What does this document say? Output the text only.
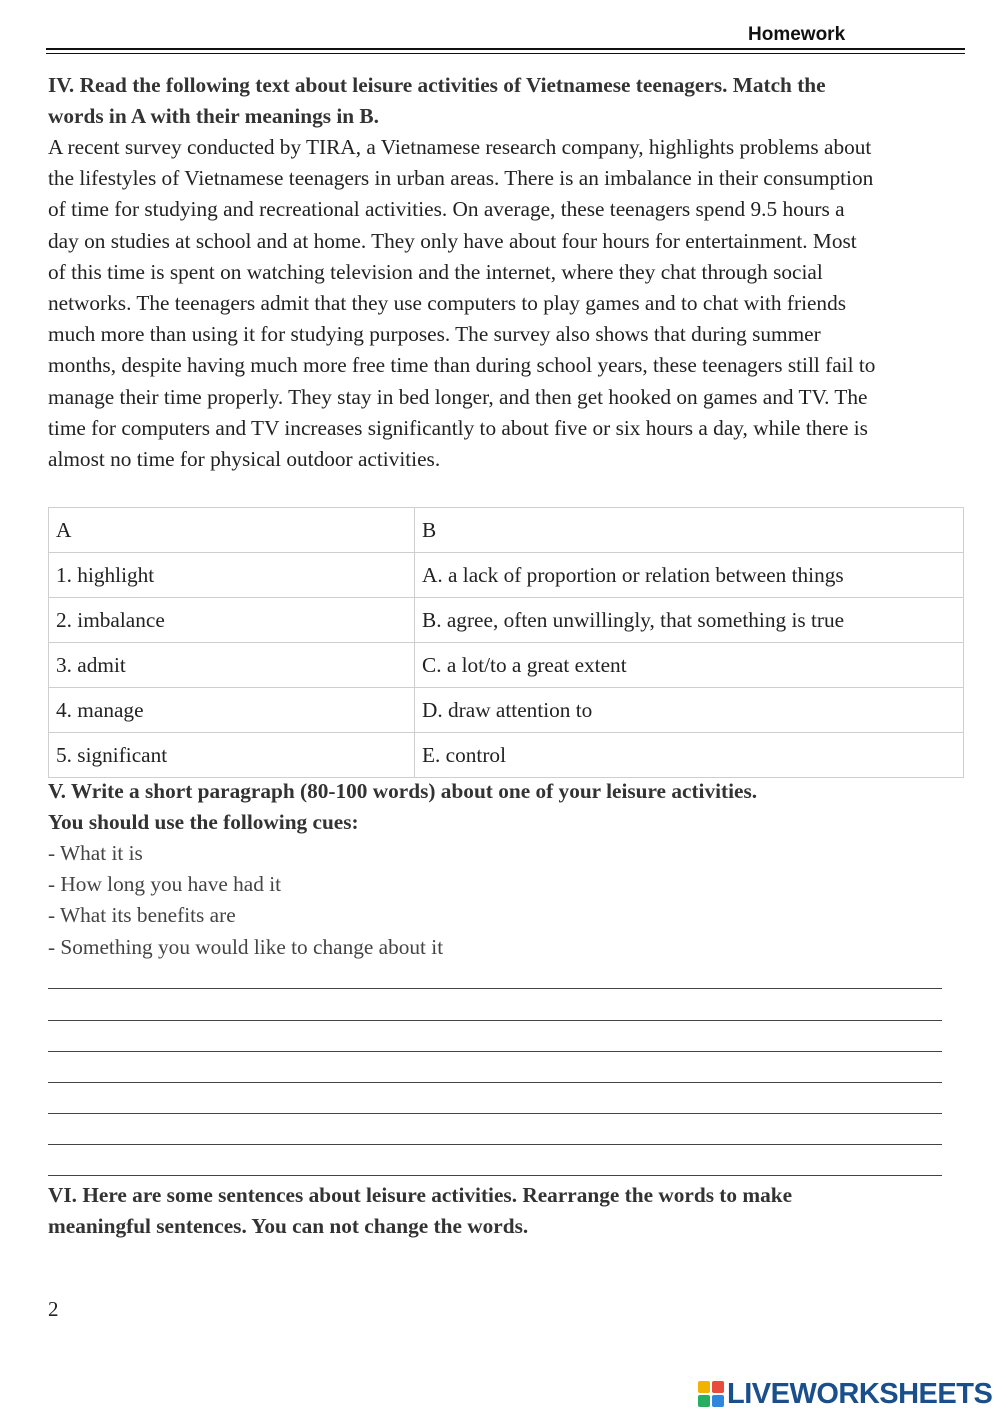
Homework
IV. Read the following text about leisure activities of Vietnamese teenagers. Match the
words in A with their meanings in B.
A recent survey conducted by TIRA, a Vietnamese research company, highlights problems about
the lifestyles of Vietnamese teenagers in urban areas. There is an imbalance in their consumption
of time for studying and recreational activities. On average, these teenagers spend 9.5 hours a
day on studies at school and at home. They only have about four hours for entertainment. Most
of this time is spent on watching television and the internet, where they chat through social
networks. The teenagers admit that they use computers to play games and to chat with friends
much more than using it for studying purposes. The survey also shows that during summer
months, despite having much more free time than during school years, these teenagers still fail to
manage their time properly. They stay in bed longer, and then get hooked on games and TV. The
time for computers and TV increases significantly to about five or six hours a day, while there is
almost no time for physical outdoor activities.
A	B
1. highlight	A. a lack of proportion or relation between things
2. imbalance	B. agree, often unwillingly, that something is true
3. admit	C. a lot/to a great extent
4. manage	D. draw attention to
5. significant	E. control
V. Write a short paragraph (80-100 words) about one of your leisure activities.
You should use the following cues:
- What it is
- How long you have had it
- What its benefits are
- Something you would like to change about it
VI. Here are some sentences about leisure activities. Rearrange the words to make
meaningful sentences. You can not change the words.
2
LIVEWORKSHEETS
